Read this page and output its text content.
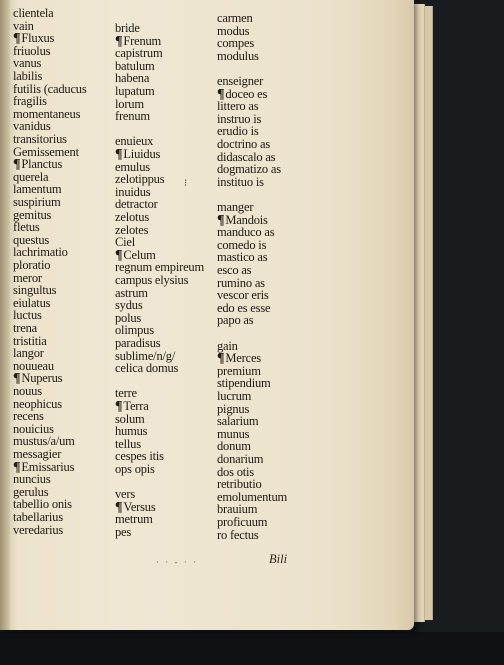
clientela
vain
¶Fluxus
friuolus
vanus
labilis
futilis (caducus
fragilis
momentaneus
vanidus
transitorius
Gemissement
¶Planctus
querela
lamentum
suspirium
gemitus
fletus
questus
lachrimatio
ploratio
meror
singultus
eiulatus
luctus
trena
tristitia
langor
nouueau
¶Nuperus
nouus
neophicus
recens
nouicius
mustus/a/um
messagier
¶Emissarius
nuncius
gerulus
tabellio onis
tabellarius
veredarius
bride
¶Frenum
capistrum
batulum
habena
lupatum
lorum
frenum
enuieux
¶Liuidus
emulus
zelotippus
inuidus
detractor
zelotus
zelotes
Ciel
¶Celum
regnum empireum
campus elysius
astrum
sydus
polus
olimpus
paradisus
sublime/n/g/
celica domus
terre
¶Terra
solum
humus
tellus
cespes itis
ops opis
vers
¶Versus
metrum
pes
carmen
modus
compes
modulus
enseigner
¶doceo es
littero as
instruo is
erudio is
doctrino as
didascalo as
dogmatizo as
instituo is
manger
¶Mandois
manduco as
comedo is
mastico as
esco as
rumino as
vescor eris
edo es esse
papo as
gain
¶Merces
premium
stipendium
lucrum
pignus
salarium
munus
donum
donarium
dos otis
retributio
emolumentum
brauium
proficuum
ro fectus
⁝
· · ‑ · ·	Bili
